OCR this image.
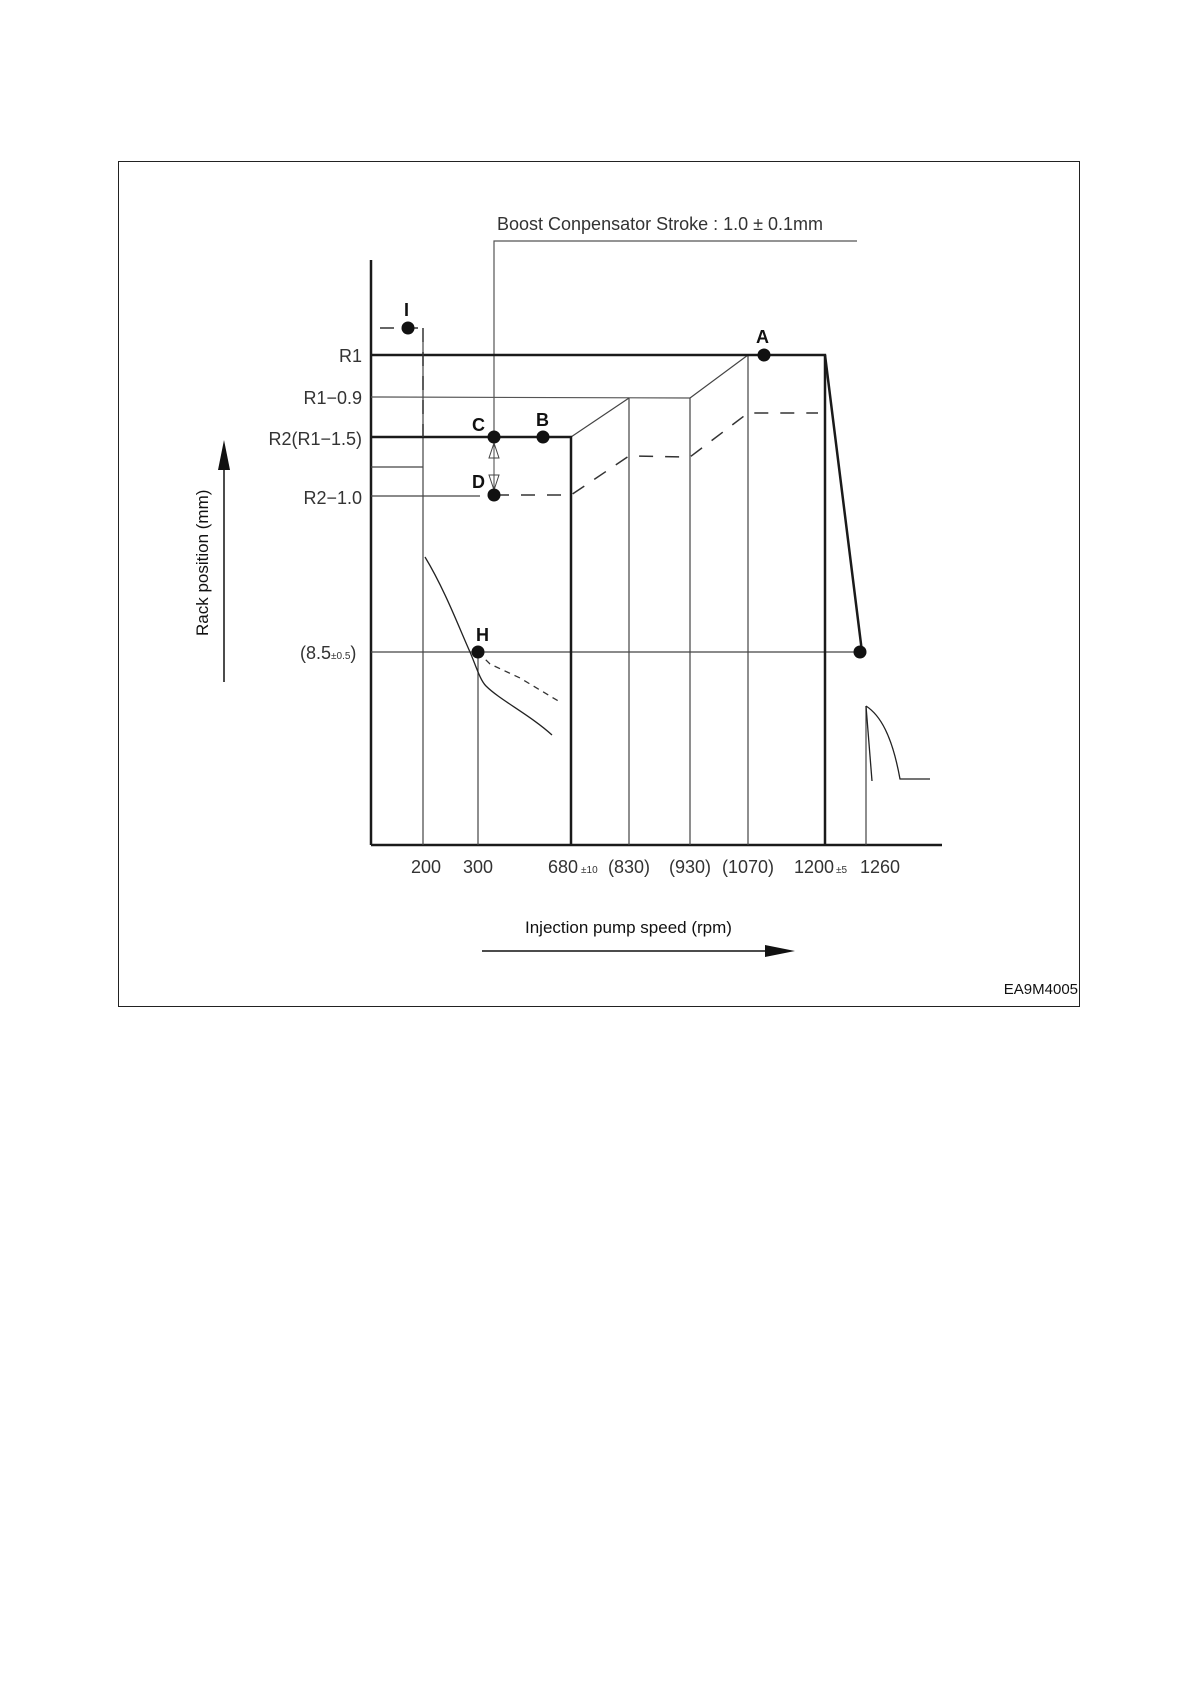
I
A
C	B
D
H
Boost Conpensator Stroke : 1.0 ± 0.1mm
R1
R1−0.9
R2(R1−1.5)
R2−1.0
(8.5±0.5)
200 300	680 ±10 (830) (930) (1070) 1200 ±5 1260
Rack position (mm)
Injection pump speed (rpm)
EA9M4005
